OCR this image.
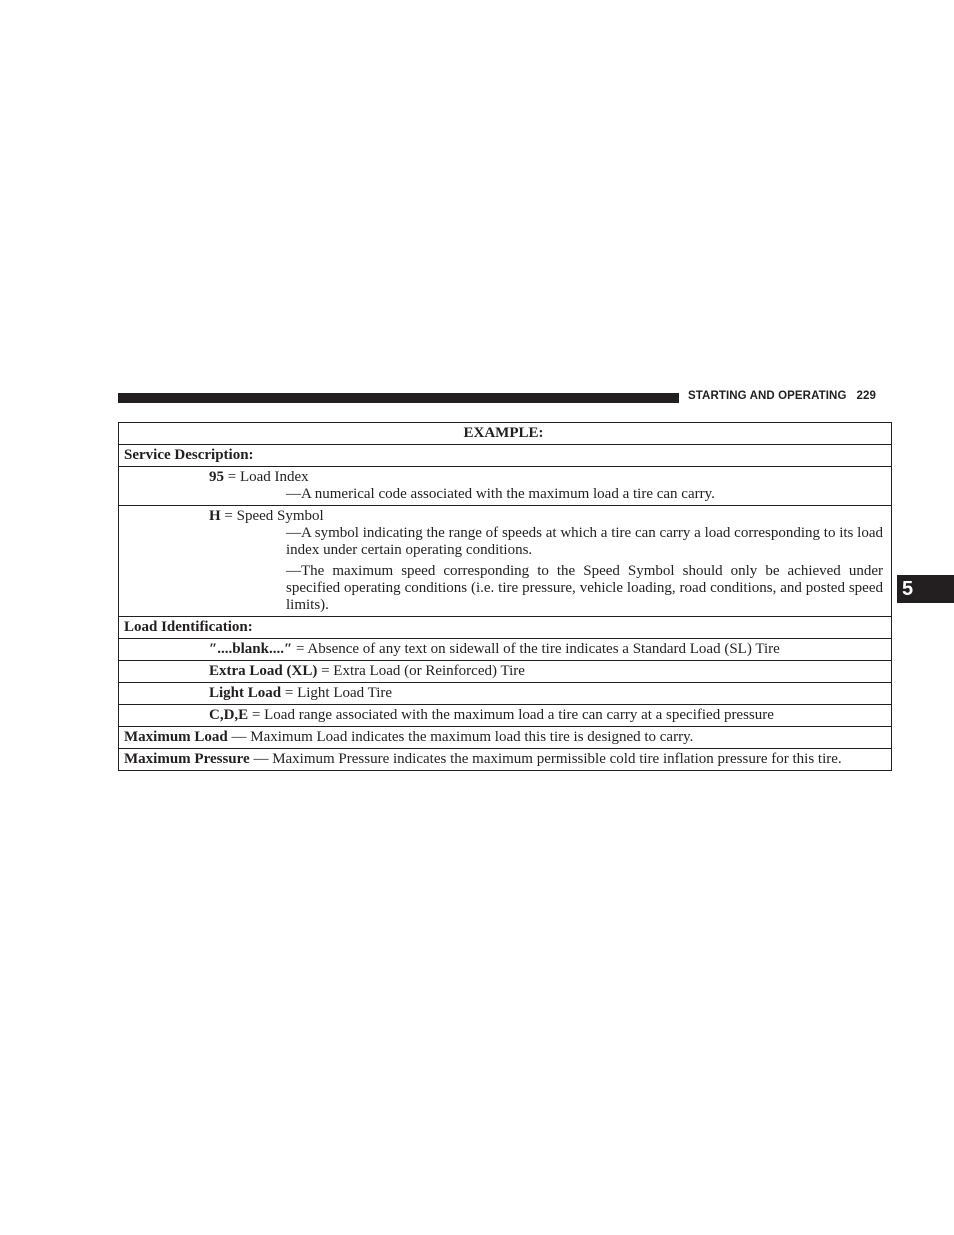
STARTING AND OPERATING 229
5
EXAMPLE:
Service Description:

95 = Load Index
—A numerical code associated with the maximum load a tire can carry.

H = Speed Symbol
—A symbol indicating the range of speeds at which a tire can carry a load corresponding to its load index under certain operating conditions.
—The maximum speed corresponding to the Speed Symbol should only be achieved under specified operating conditions (i.e. tire pressure, vehicle loading, road conditions, and posted speed limits).

Load Identification:

″....blank....″ = Absence of any text on sidewall of the tire indicates a Standard Load (SL) Tire

Extra Load (XL) = Extra Load (or Reinforced) Tire

Light Load = Light Load Tire

C,D,E = Load range associated with the maximum load a tire can carry at a specified pressure

Maximum Load — Maximum Load indicates the maximum load this tire is designed to carry.
Maximum Pressure — Maximum Pressure indicates the maximum permissible cold tire inflation pressure for this tire.
